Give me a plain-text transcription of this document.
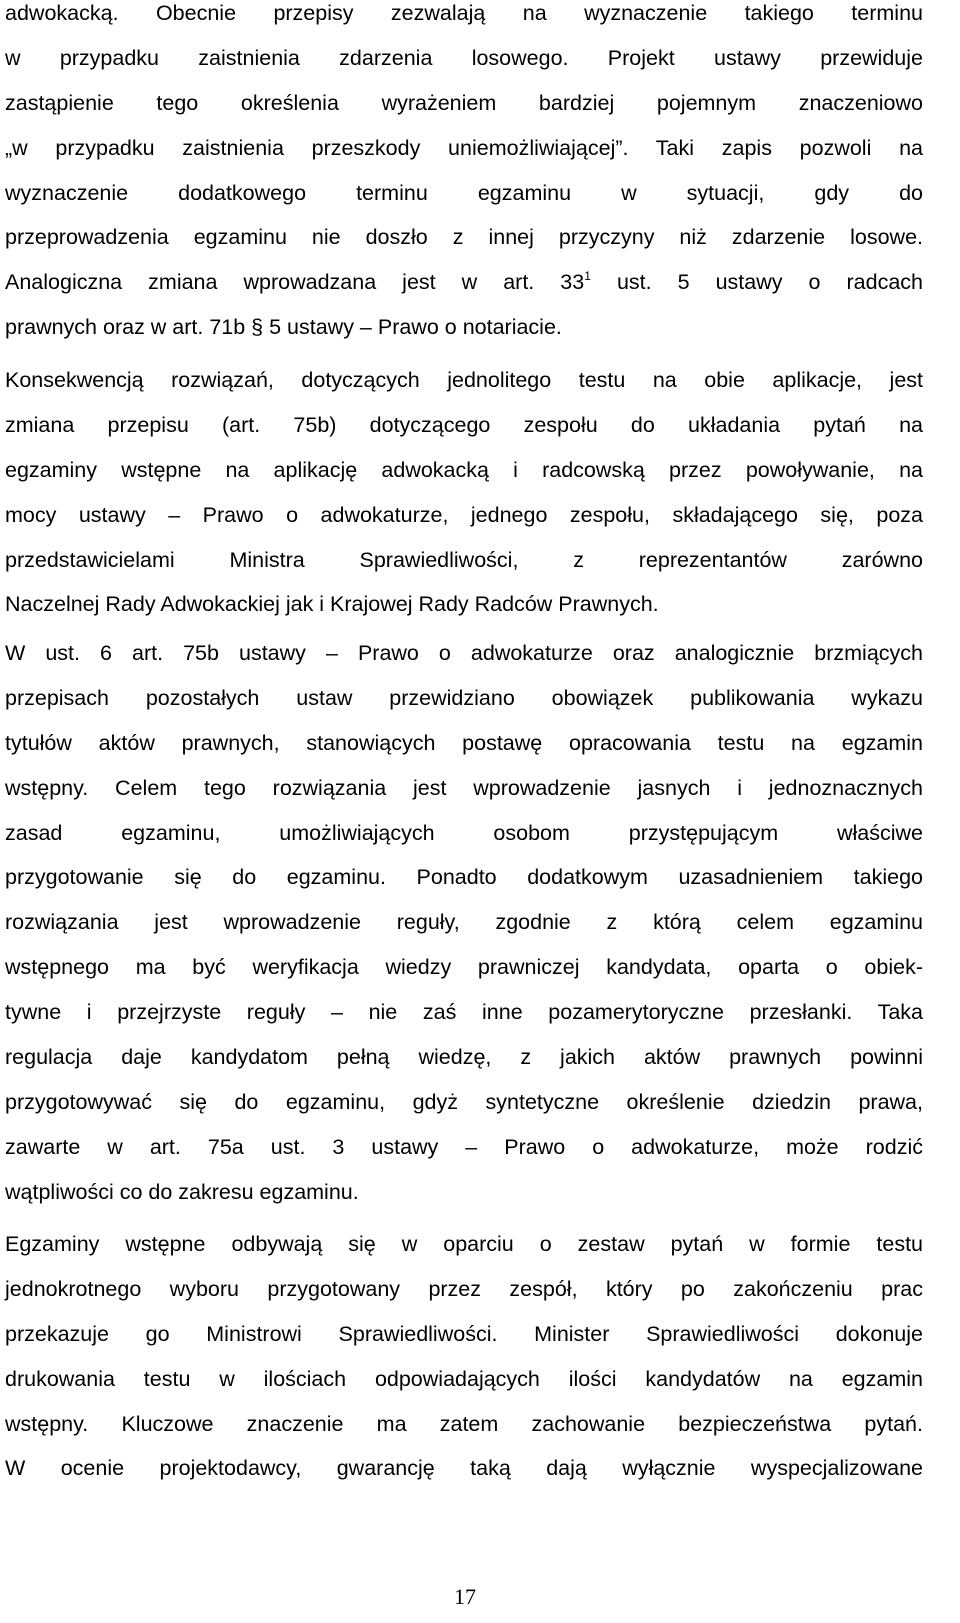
adwokacką. Obecnie przepisy zezwalają na wyznaczenie takiego terminu
w przypadku zaistnienia zdarzenia losowego. Projekt ustawy przewiduje
zastąpienie tego określenia wyrażeniem bardziej pojemnym znaczeniowo
„w przypadku zaistnienia przeszkody uniemożliwiającej”. Taki zapis pozwoli na
wyznaczenie dodatkowego terminu egzaminu w sytuacji, gdy do
przeprowadzenia egzaminu nie doszło z innej przyczyny niż zdarzenie losowe.
Analogiczna zmiana wprowadzana jest w art. $33^1$ ust. 5 ustawy o radcach
prawnych oraz w art. 71b § 5 ustawy – Prawo o notariacie.
Konsekwencją rozwiązań, dotyczących jednolitego testu na obie aplikacje, jest
zmiana przepisu (art. 75b) dotyczącego zespołu do układania pytań na
egzaminy wstępne na aplikację adwokacką i radcowską przez powoływanie, na
mocy ustawy – Prawo o adwokaturze, jednego zespołu, składającego się, poza
przedstawicielami Ministra Sprawiedliwości, z reprezentantów zarówno
Naczelnej Rady Adwokackiej jak i Krajowej Rady Radców Prawnych.
W ust. 6 art. 75b ustawy – Prawo o adwokaturze oraz analogicznie brzmiących
przepisach pozostałych ustaw przewidziano obowiązek publikowania wykazu
tytułów aktów prawnych, stanowiących postawę opracowania testu na egzamin
wstępny. Celem tego rozwiązania jest wprowadzenie jasnych i jednoznacznych
zasad egzaminu, umożliwiających osobom przystępującym właściwe
przygotowanie się do egzaminu. Ponadto dodatkowym uzasadnieniem takiego
rozwiązania jest wprowadzenie reguły, zgodnie z którą celem egzaminu
wstępnego ma być weryfikacja wiedzy prawniczej kandydata, oparta o obiek-
tywne i przejrzyste reguły – nie zaś inne pozamerytoryczne przesłanki. Taka
regulacja daje kandydatom pełną wiedzę, z jakich aktów prawnych powinni
przygotowywać się do egzaminu, gdyż syntetyczne określenie dziedzin prawa,
zawarte w art. 75a ust. 3 ustawy – Prawo o adwokaturze, może rodzić
wątpliwości co do zakresu egzaminu.
Egzaminy wstępne odbywają się w oparciu o zestaw pytań w formie testu
jednokrotnego wyboru przygotowany przez zespół, który po zakończeniu prac
przekazuje go Ministrowi Sprawiedliwości. Minister Sprawiedliwości dokonuje
drukowania testu w ilościach odpowiadających ilości kandydatów na egzamin
wstępny. Kluczowe znaczenie ma zatem zachowanie bezpieczeństwa pytań.
W ocenie projektodawcy, gwarancję taką dają wyłącznie wyspecjalizowane
17
